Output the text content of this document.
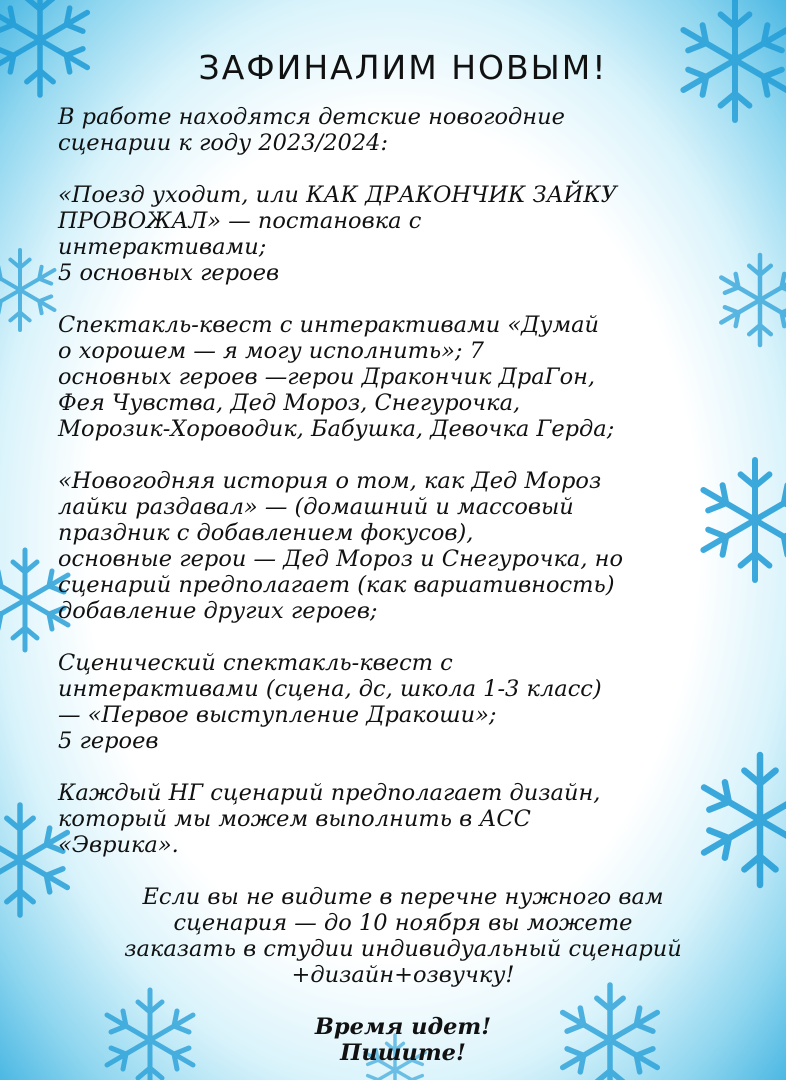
ЗАФИНАЛИМ НОВЫМ!

В работе находятся детские новогодние
сценарии к году 2023/2024:

«Поезд уходит, или КАК ДРАКОНЧИК ЗАЙКУ
ПРОВОЖАЛ» — постановка с
интерактивами;
5 основных героев

Спектакль-квест с интерактивами «Думай
о хорошем — я могу исполнить»; 7
основных героев —герои Дракончик ДраГон,
Фея Чувства, Дед Мороз, Снегурочка,
Морозик-Хороводик, Бабушка, Девочка Герда;

«Новогодняя история о том, как Дед Мороз
лайки раздавал» — (домашний и массовый
праздник с добавлением фокусов),
основные герои — Дед Мороз и Снегурочка, но
сценарий предполагает (как вариативность)
добавление других героев;

Сценический спектакль-квест с
интерактивами (сцена, дс, школа 1-3 класс)
— «Первое выступление Дракоши»;
5 героев

Каждый НГ сценарий предполагает дизайн,
который мы можем выполнить в АСС
«Эврика».

Если вы не видите в перечне нужного вам
сценария — до 10 ноября вы можете
заказать в студии индивидуальный сценарий
+дизайн+озвучку!

Время идет!
Пишите!
